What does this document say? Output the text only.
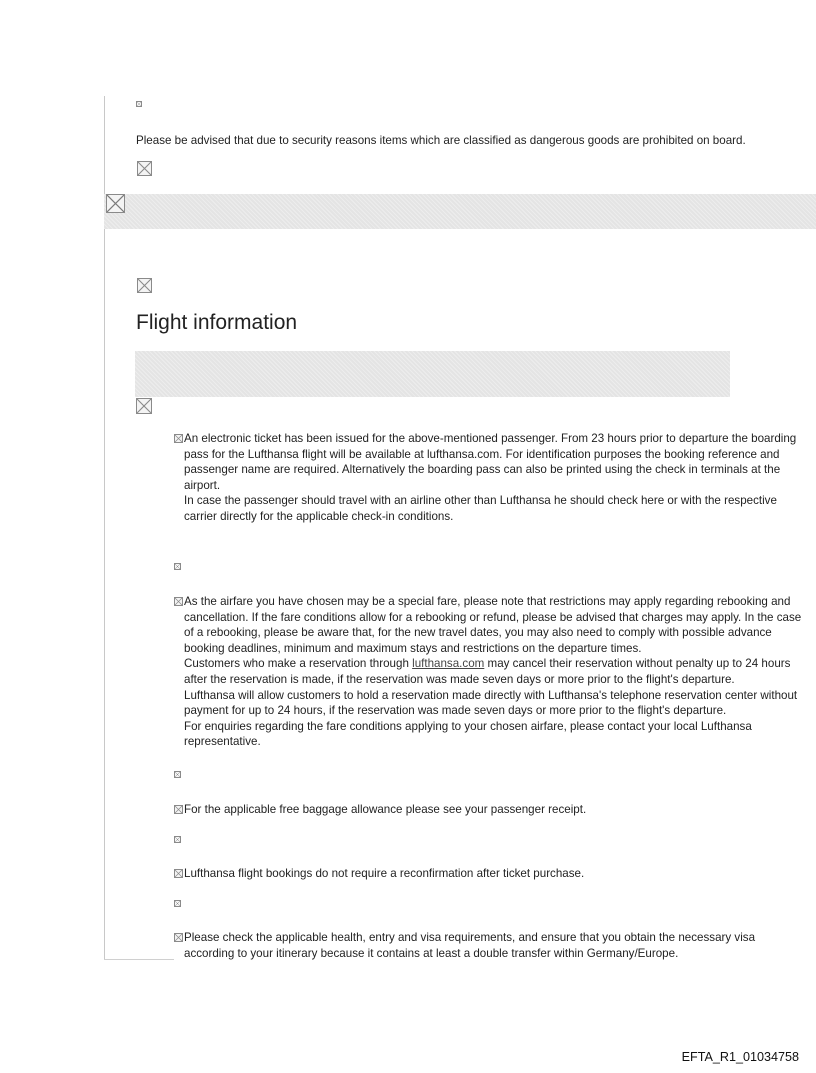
Please be advised that due to security reasons items which are classified as dangerous goods are prohibited on board.
Flight information

An electronic ticket has been issued for the above-mentioned passenger. From 23 hours prior to departure the boarding pass for the Lufthansa flight will be available at lufthansa.com. For identification purposes the booking reference and passenger name are required. Alternatively the boarding pass can also be printed using the check in terminals at the airport.

In case the passenger should travel with an airline other than Lufthansa he should check here or with the respective carrier directly for the applicable check-in conditions.

As the airfare you have chosen may be a special fare, please note that restrictions may apply regarding rebooking and cancellation. If the fare conditions allow for a rebooking or refund, please be advised that charges may apply. In the case of a rebooking, please be aware that, for the new travel dates, you may also need to comply with possible advance booking deadlines, minimum and maximum stays and restrictions on the departure times.

Customers who make a reservation through lufthansa.com may cancel their reservation without penalty up to 24 hours after the reservation is made, if the reservation was made seven days or more prior to the flight's departure.

Lufthansa will allow customers to hold a reservation made directly with Lufthansa's telephone reservation center without payment for up to 24 hours, if the reservation was made seven days or more prior to the flight's departure.

For enquiries regarding the fare conditions applying to your chosen airfare, please contact your local Lufthansa representative.

For the applicable free baggage allowance please see your passenger receipt.

Lufthansa flight bookings do not require a reconfirmation after ticket purchase.

Please check the applicable health, entry and visa requirements, and ensure that you obtain the necessary visa according to your itinerary because it contains at least a double transfer within Germany/Europe.

EFTA_R1_01034758
